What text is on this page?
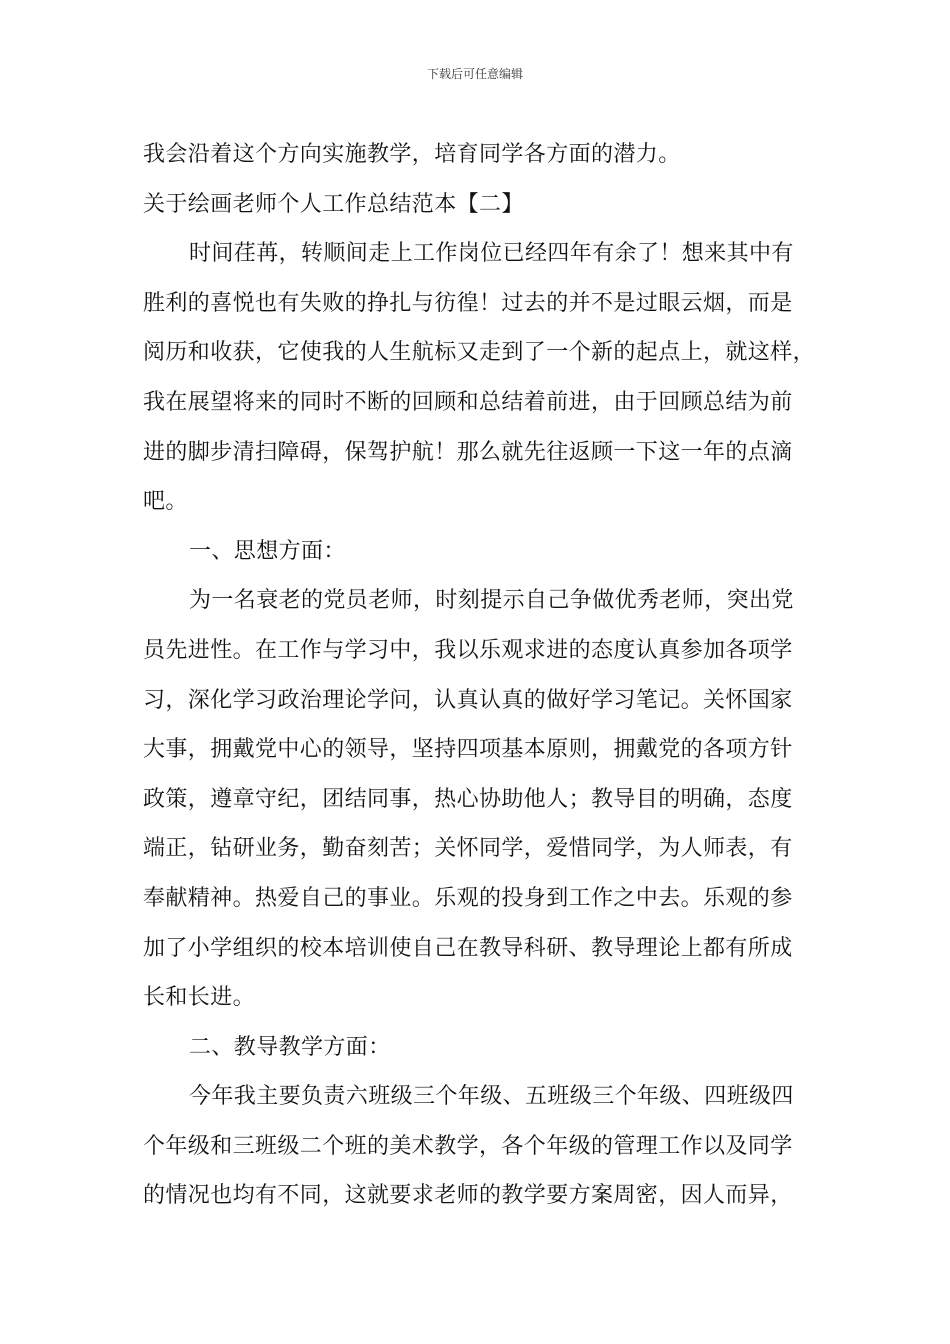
下载后可任意编辑
我会沿着这个方向实施教学，培育同学各方面的潜力。
关于绘画老师个人工作总结范本【二】
时间荏苒，转顺间走上工作岗位已经四年有余了！想来其中有
胜利的喜悦也有失败的挣扎与彷徨！过去的并不是过眼云烟，而是
阅历和收获，它使我的人生航标又走到了一个新的起点上，就这样，
我在展望将来的同时不断的回顾和总结着前进，由于回顾总结为前
进的脚步清扫障碍，保驾护航！那么就先往返顾一下这一年的点滴
吧。
一、思想方面：
为一名衰老的党员老师，时刻提示自己争做优秀老师，突出党
员先进性。在工作与学习中，我以乐观求进的态度认真参加各项学
习，深化学习政治理论学问，认真认真的做好学习笔记。关怀国家
大事，拥戴党中心的领导，坚持四项基本原则，拥戴党的各项方针
政策，遵章守纪，团结同事，热心协助他人；教导目的明确，态度
端正，钻研业务，勤奋刻苦；关怀同学，爱惜同学，为人师表，有
奉献精神。热爱自己的事业。乐观的投身到工作之中去。乐观的参
加了小学组织的校本培训使自己在教导科研、教导理论上都有所成
长和长进。
二、教导教学方面：
今年我主要负责六班级三个年级、五班级三个年级、四班级四
个年级和三班级二个班的美术教学，各个年级的管理工作以及同学
的情况也均有不同，这就要求老师的教学要方案周密，因人而异，
